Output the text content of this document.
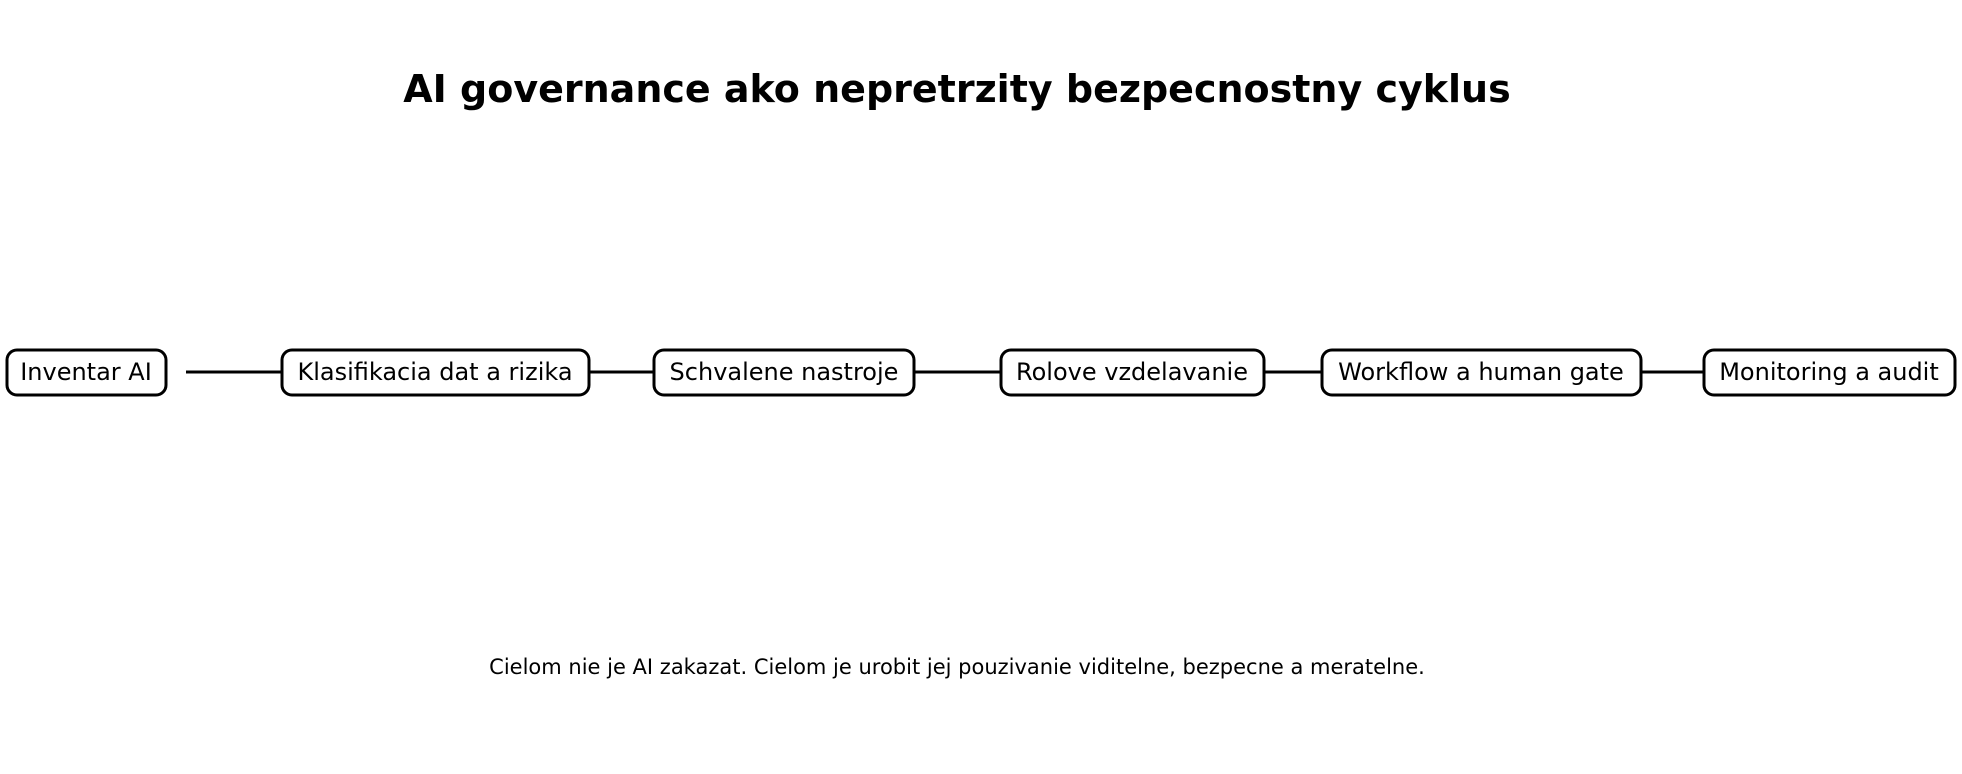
AI governance ako nepretrzity bezpecnostny cyklus
Inventar AI	Klasifikacia dat a rizika	Schvalene nastroje	Rolove vzdelavanie	Workflow a human gate	Monitoring a audit
Cielom nie je AI zakazat. Cielom je urobit jej pouzivanie viditelne, bezpecne a meratelne.
